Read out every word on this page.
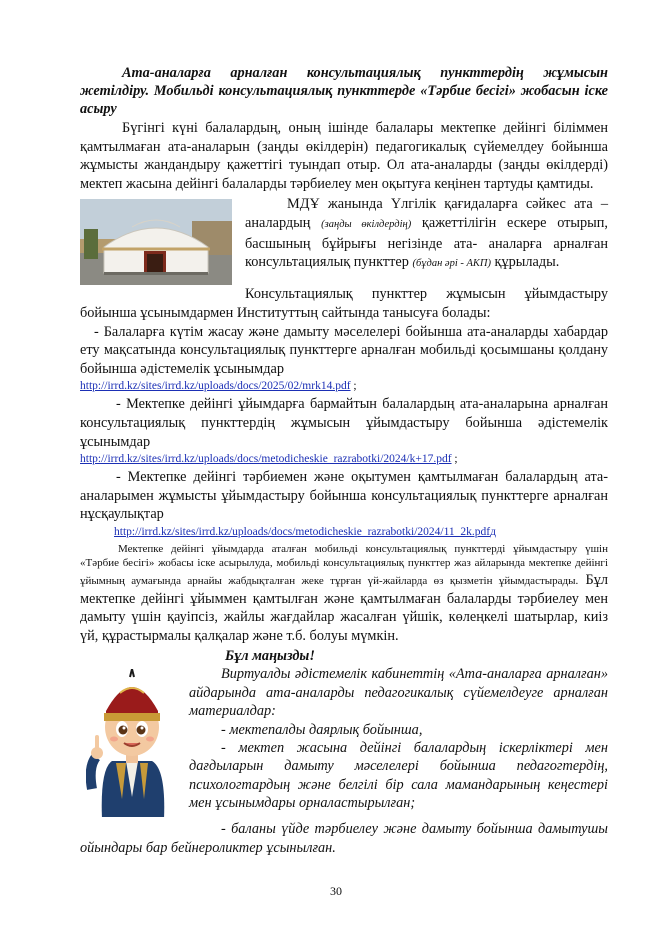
Ата-аналарға арналған консультациялық пункттердің жұмысын жетілдіру. Мобильді консультациялық пункттерде «Тәрбие бесігі» жобасын іске асыру

Бүгінгі күні балалардың, оның ішінде балалары мектепке дейінгі біліммен қамтылмаған ата-аналарын (заңды өкілдерін) педагогикалық сүйемелдеу бойынша жұмысты жандандыру қажеттігі туындап отыр. Ол ата-аналарды (заңды өкілдерді) мектеп жасына дейінгі балаларды тәрбиелеу мен оқытуға кеңінен тартуды қамтиды.

МДҰ жанында Үлгілік қағидаларға сәйкес ата – аналардың (заңды өкілдердің) қажеттілігін ескере отырып, басшының бұйрығы негізінде ата- аналарға арналған консультациялық пункттер (бұдан әрі - АКП) құрылады.

Консультациялық пункттер жұмысын ұйымдастыру бойынша ұсынымдармен Институттың сайтында танысуға болады:

- Балаларға күтім жасау және дамыту мәселелері бойынша ата-аналарды хабардар ету мақсатында консультациялық пункттерге арналған мобильді қосымшаны қолдану бойынша әдістемелік ұсынымдар

http://irrd.kz/sites/irrd.kz/uploads/docs/2025/02/mrk14.pdf ;

- Мектепке дейінгі ұйымдарға бармайтын балалардың ата-аналарына арналған консультациялық пункттердің жұмысын ұйымдастыру бойынша әдістемелік ұсынымдар

http://irrd.kz/sites/irrd.kz/uploads/docs/metodicheskie_razrabotki/2024/k+17.pdf ;

- Мектепке дейінгі тәрбиемен және оқытумен қамтылмаған балалардың ата-аналарымен жұмысты ұйымдастыру бойынша консультациялық пункттерге арналған нұсқаулықтар

http://irrd.kz/sites/irrd.kz/uploads/docs/metodicheskie_razrabotki/2024/11_2k.pdfд

Мектепке дейінгі ұйымдарда аталған мобильді консультациялық пункттерді ұйымдастыру үшін «Тәрбие бесігі» жобасы іске асырылуда, мобильді консультациялық пункттер жаз айларында мектепке дейінгі ұйымның аумағында арнайы жабдықталған жеке тұрған үй-жайларда өз қызметін ұйымдастырады. Бұл мектепке дейінгі ұйыммен қамтылған және қамтылмаған балаларды тәрбиелеу мен дамыту үшін қауіпсіз, жайлы жағдайлар жасалған үйшік, көлеңкелі шатырлар, киіз үй, құрастырмалы қалқалар және т.б. болуы мүмкін.

Бұл маңызды!

Виртуалды әдістемелік кабинеттің «Ата-аналарға арналған» айдарында ата-аналарды педагогикалық сүйемелдеуге арналған материалдар:

- мектепалды даярлық бойынша,

- мектеп жасына дейінгі балалардың іскерліктері мен дағдыларын дамыту мәселелері бойынша педагогтердің, психологтардың және белгілі бір сала мамандарының кеңестері мен ұсынымдары орналастырылған;

- баланы үйде тәрбиелеу және дамыту бойынша дамытушы ойындары бар бейнероликтер ұсынылған.

30
